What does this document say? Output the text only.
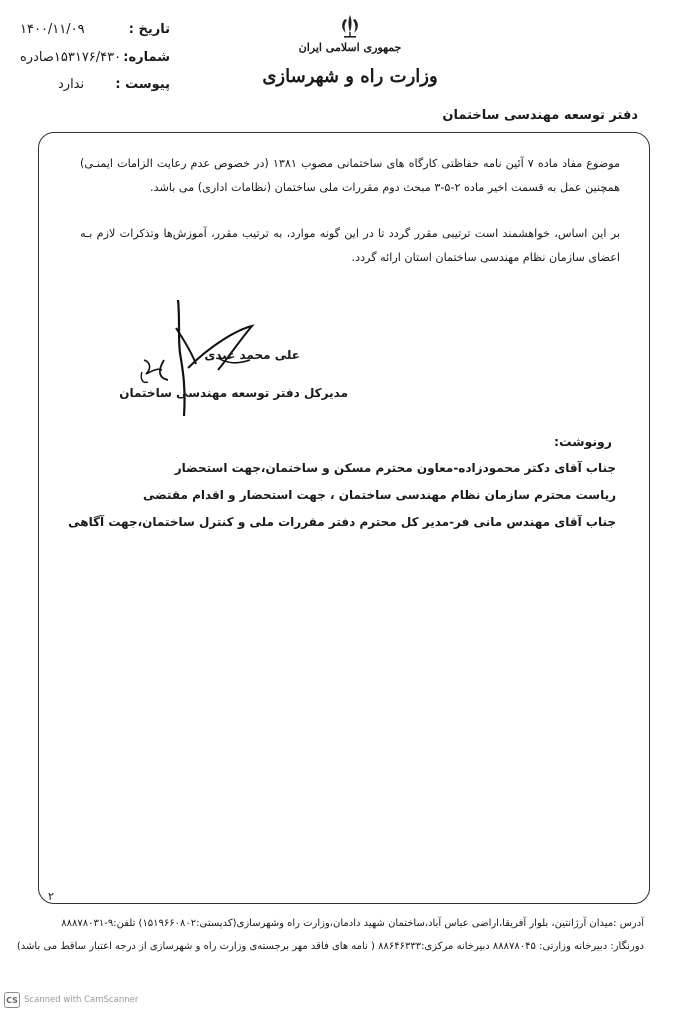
تاریخ :
۱۴۰۰/۱۱/۰۹
شماره:
۱۵۳۱۷۶/۴۳۰صادره
پیوست :
ندارد
جمهوری اسلامی ایران
وزارت راه و شهرسازی
دفتر توسعه مهندسی ساختمان
موضوع مفاد ماده ۷ آئین نامه حفاظتی کارگاه های ساختمانی مصوب ۱۳۸۱ (در خصوص عدم رعایت الزامات ایمنـی) همچنین عمل به قسمت اخیر ماده ۲-۵-۳ مبحث دوم مقررات ملی ساختمان (نظامات اداری) می باشد.
بر این اساس، خواهشمند است ترتیبی مقرر گردد تا در این گونه موارد، به ترتیب مقرر، آموزش‌ها وتذکرات لازم بـه اعضای سازمان نظام مهندسی ساختمان استان ارائه گردد.
علی محمد عبدی
مدیرکل دفتر توسعه مهندسی ساختمان
رونوشت:
جناب آقای دکتر محمودزاده-معاون محترم مسکن و ساختمان،جهت استحضار
ریاست محترم سازمان نظام مهندسی ساختمان ، جهت استحضار و اقدام مقتضی
جناب آقای مهندس مانی فر-مدیر کل محترم دفتر مقررات ملی و کنترل ساختمان،جهت آگاهی
۲
آدرس :میدان آرژانتین، بلوار آفریقا،اراضی عباس آباد،ساختمان شهید دادمان،وزارت راه وشهرسازی(کدپستی:۱۵۱۹۶۶۰۸۰۲) تلفن:۹-۸۸۸۷۸۰۳۱
دورنگار: دبیرخانه وزارتی: ۸۸۸۷۸۰۴۵ دبیرخانه مرکزی:۸۸۶۴۶۳۳۳ ( نامه های فاقد مهر برجسته‌ی وزارت راه و شهرسازی از درجه اعتبار ساقط می باشد)
CS Scanned with CamScanner
